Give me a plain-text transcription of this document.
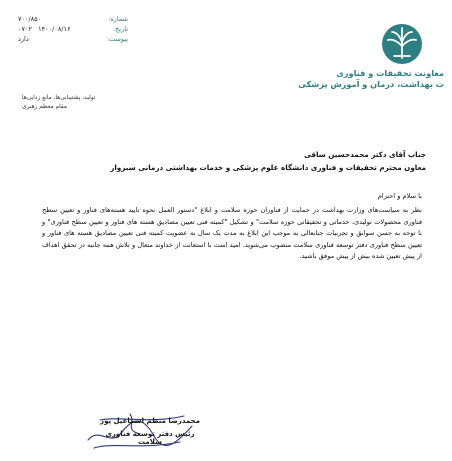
شماره:
۷۰۰/۸۵۰
تاریخ:
۰۷۰۲ ۱۴۰۰/۰۸/۱۶
پیوست:
دارد
معاونت تحقیقات و فناوری
ت بهداشت، درمان و آموزش پزشکی
تولید، پشتیبانی‌ها، مانع زدایی‌ها
مقام معظم رهبری
جناب آقای دکتر محمدحسین ساقی
معاون محترم تحقیقات و فناوری دانشگاه علوم پزشکی و خدمات بهداشتی درمانی سبزوار
با سلام و احترام
نظر به سیاست‌های وزارت بهداشت در حمایت از فناوران حوزه سلامت و ابلاغ "دستور العمل نحوه تایید هسته‌های فناور و تعیین سطح فناوری محصولات تولیدی، خدماتی و تحقیقاتی حوزه سلامت" و تشکیل "کمیته فنی تعیین مصادیق هسته های فناور و تعیین سطح فناوری" و با توجه به حسن سوابق و تجربیات جنابعالی به موجب این ابلاغ به مدت یک سال به عضویت کمیته فنی تعیین مصادیق هسته های فناور و تعیین سطح فناوری دفتر توسعه فناوری سلامت منصوب می‌شوید. امید است با استعانت از خداوند متعال و تلاش همه جانبه در تحقق اهداف از پیش تعیین شده بیش از پیش موفق باشید.
محمدرضا منظم اسماعیل پور
رئیس دفتر توسعه فناوری سلامت
